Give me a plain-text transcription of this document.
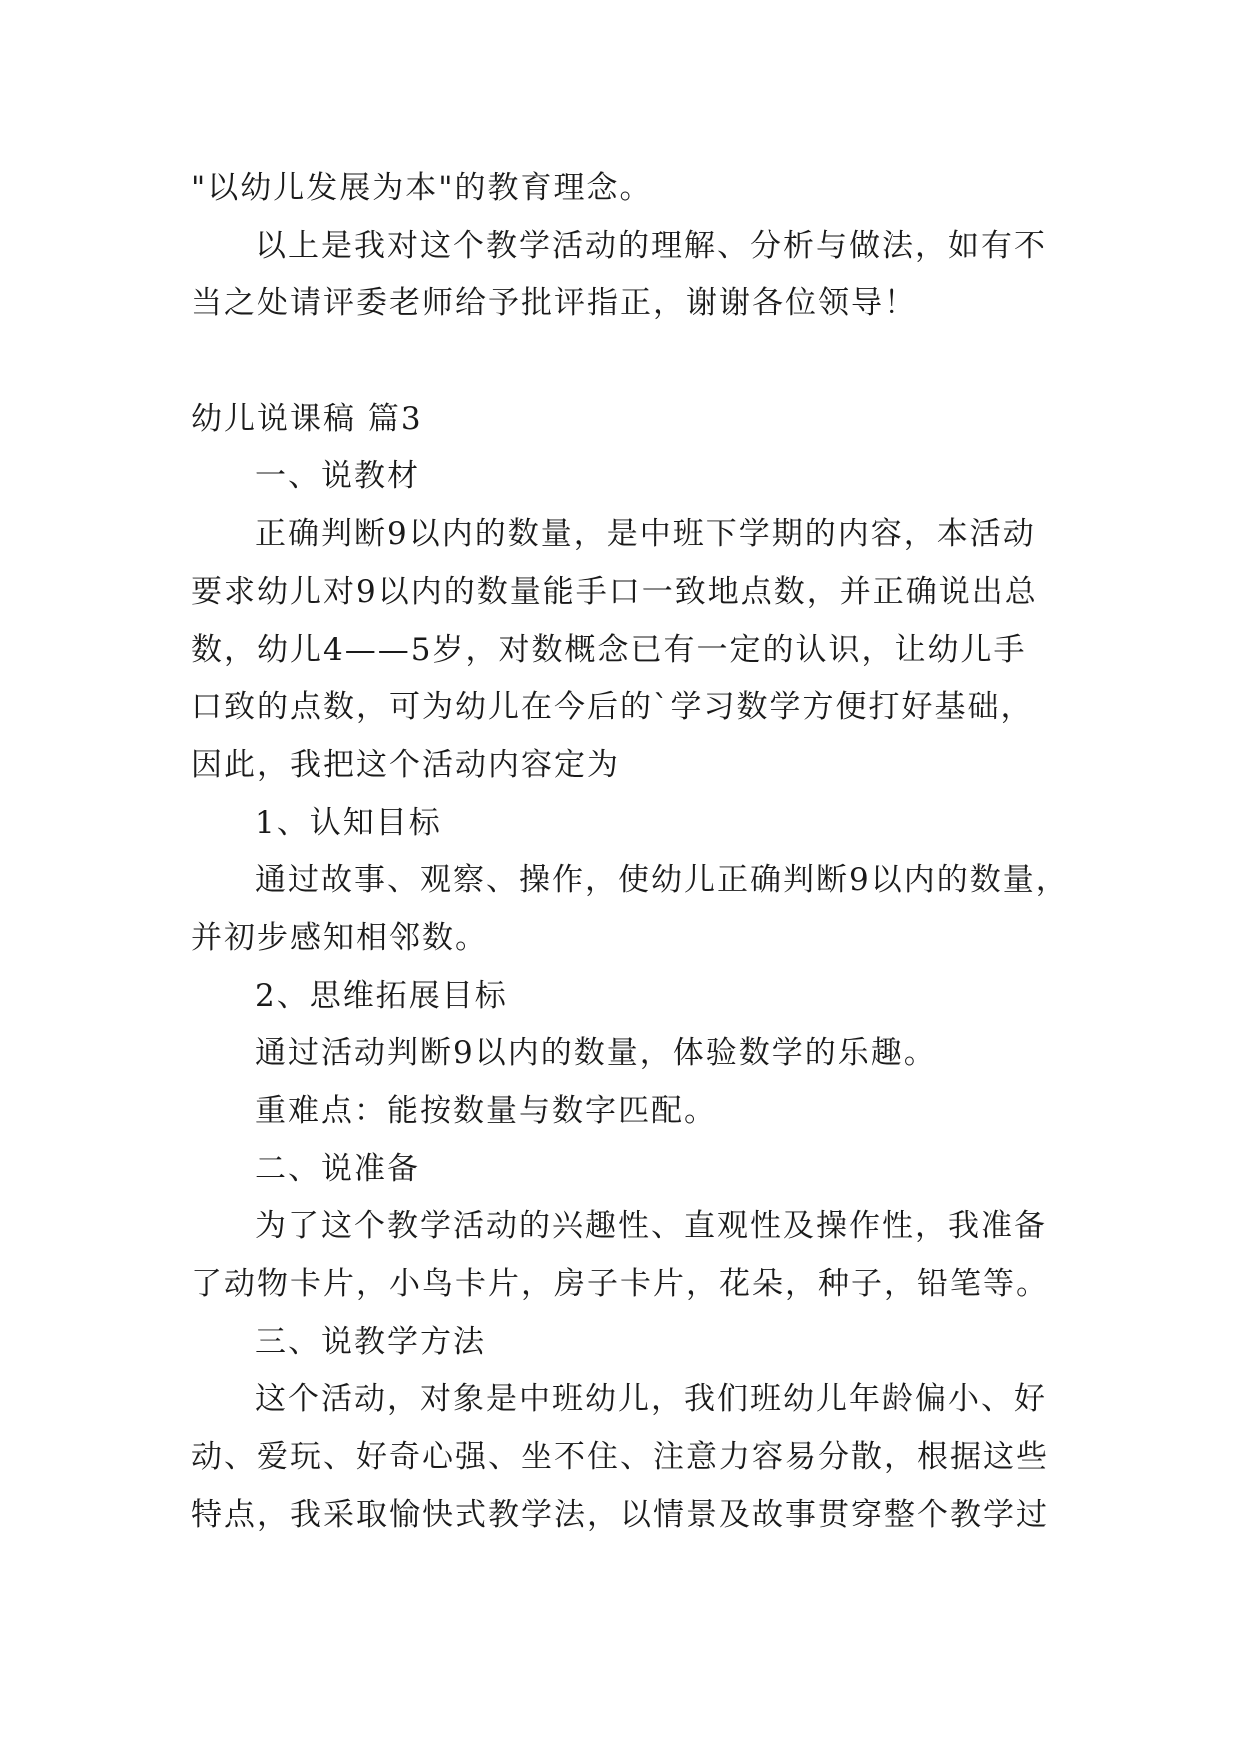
"以幼儿发展为本"的教育理念。
以上是我对这个教学活动的理解、分析与做法，如有不
当之处请评委老师给予批评指正，谢谢各位领导！
幼儿说课稿 篇3
一、说教材
正确判断9以内的数量，是中班下学期的内容，本活动
要求幼儿对9以内的数量能手口一致地点数，并正确说出总
数，幼儿4——5岁，对数概念已有一定的认识，让幼儿手
口致的点数，可为幼儿在今后的`学习数学方便打好基础，
因此，我把这个活动内容定为
1、认知目标
通过故事、观察、操作，使幼儿正确判断9以内的数量，
并初步感知相邻数。
2、思维拓展目标
通过活动判断9以内的数量，体验数学的乐趣。
重难点：能按数量与数字匹配。
二、说准备
为了这个教学活动的兴趣性、直观性及操作性，我准备
了动物卡片，小鸟卡片，房子卡片，花朵，种子，铅笔等。
三、说教学方法
这个活动，对象是中班幼儿，我们班幼儿年龄偏小、好
动、爱玩、好奇心强、坐不住、注意力容易分散，根据这些
特点，我采取愉快式教学法，以情景及故事贯穿整个教学过
